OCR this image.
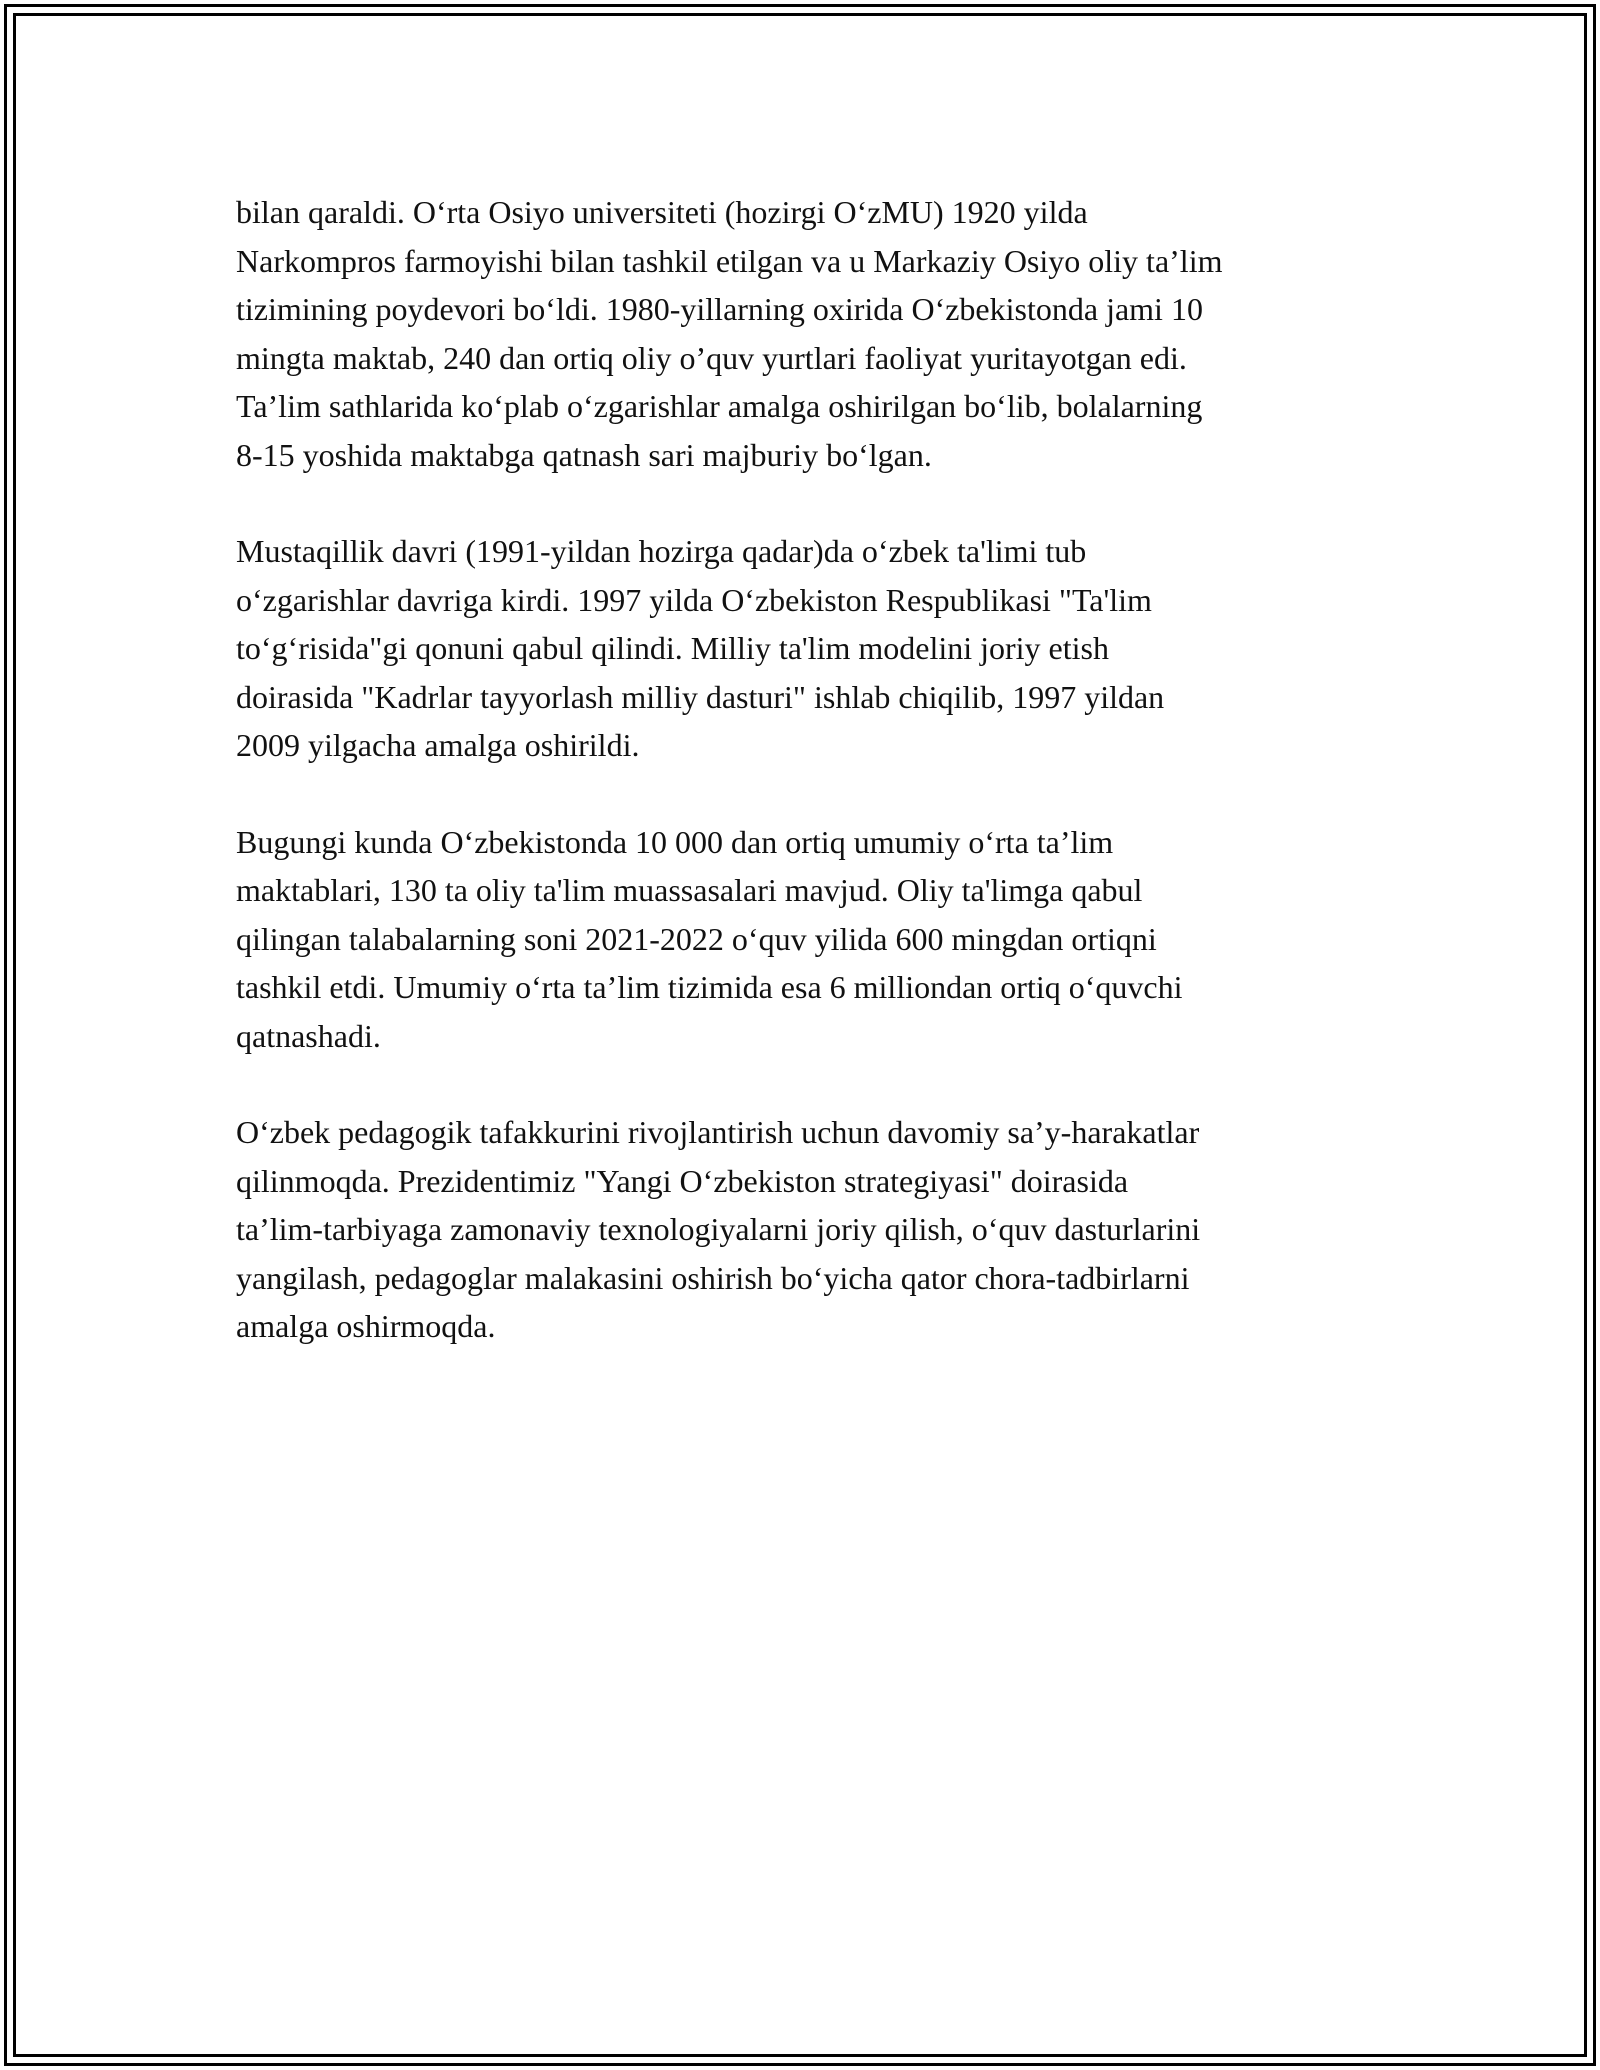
bilan qaraldi. O‘rta Osiyo universiteti (hozirgi O‘zMU) 1920 yilda
Narkompros farmoyishi bilan tashkil etilgan va u Markaziy Osiyo oliy ta’lim
tizimining poydevori bo‘ldi. 1980-yillarning oxirida O‘zbekistonda jami 10
mingta maktab, 240 dan ortiq oliy o’quv yurtlari faoliyat yuritayotgan edi.
Ta’lim sathlarida ko‘plab o‘zgarishlar amalga oshirilgan bo‘lib, bolalarning
8-15 yoshida maktabga qatnash sari majburiy bo‘lgan.

Mustaqillik davri (1991-yildan hozirga qadar)da o‘zbek ta'limi tub
o‘zgarishlar davriga kirdi. 1997 yilda O‘zbekiston Respublikasi "Ta'lim
to‘g‘risida"gi qonuni qabul qilindi. Milliy ta'lim modelini joriy etish
doirasida "Kadrlar tayyorlash milliy dasturi" ishlab chiqilib, 1997 yildan
2009 yilgacha amalga oshirildi.

Bugungi kunda O‘zbekistonda 10 000 dan ortiq umumiy o‘rta ta’lim
maktablari, 130 ta oliy ta'lim muassasalari mavjud. Oliy ta'limga qabul
qilingan talabalarning soni 2021-2022 o‘quv yilida 600 mingdan ortiqni
tashkil etdi. Umumiy o‘rta ta’lim tizimida esa 6 milliondan ortiq o‘quvchi
qatnashadi.

O‘zbek pedagogik tafakkurini rivojlantirish uchun davomiy sa’y-harakatlar
qilinmoqda. Prezidentimiz "Yangi O‘zbekiston strategiyasi" doirasida
ta’lim-tarbiyaga zamonaviy texnologiyalarni joriy qilish, o‘quv dasturlarini
yangilash, pedagoglar malakasini oshirish bo‘yicha qator chora-tadbirlarni
amalga oshirmoqda.
